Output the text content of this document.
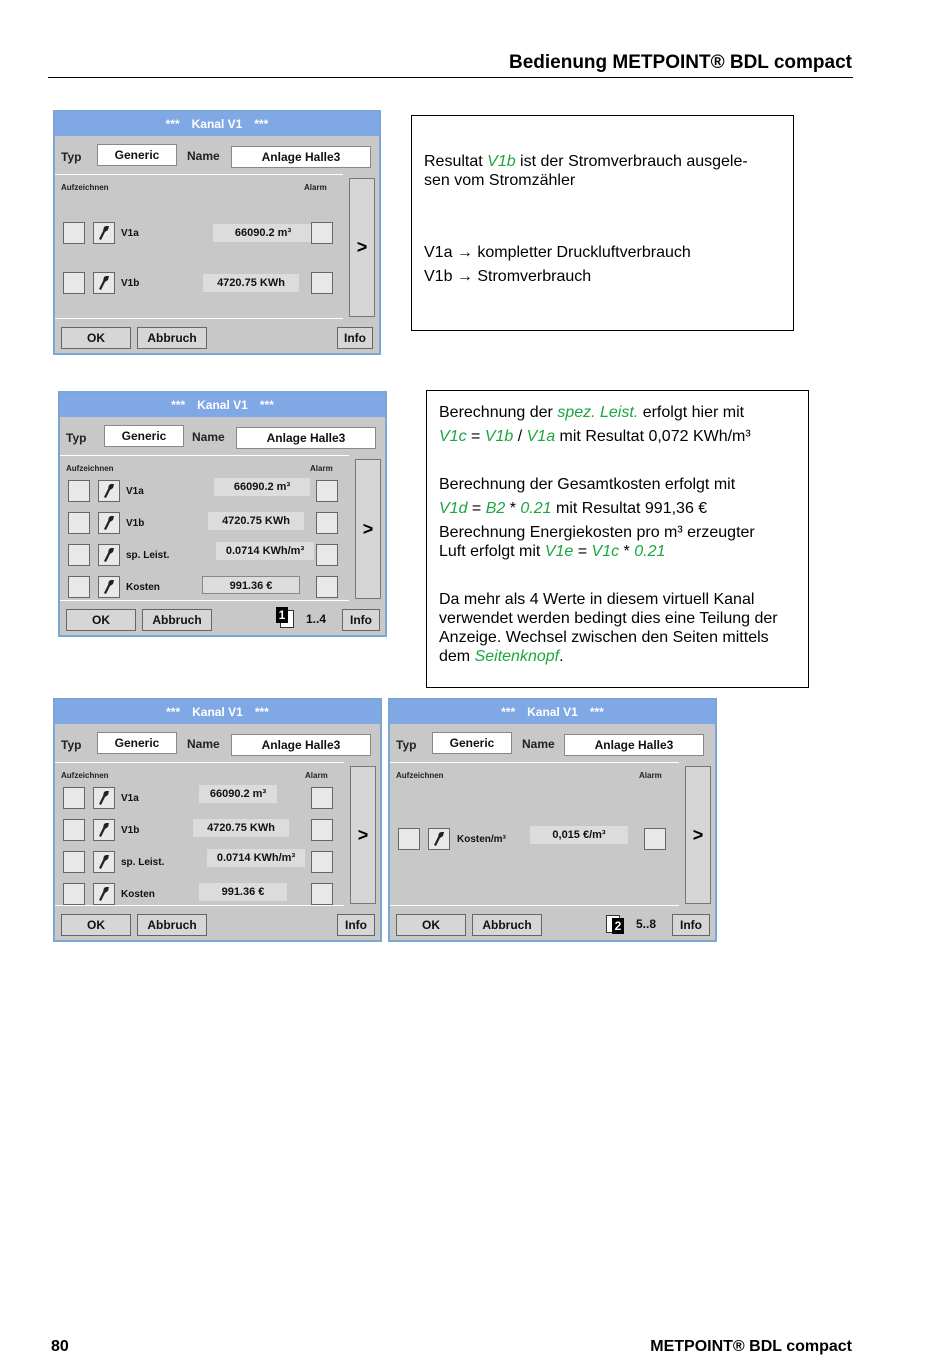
Bedienung METPOINT® BDL compact
*** Kanal V1 ***
Typ	Generic	Name	Anlage Halle3
Aufzeichnen	Alarm
>
V1a	66090.2 m³
V1b	4720.75 KWh
OK	Abbruch	Info

Resultat V1b ist der Stromverbrauch ausgele-

sen vom Stromzähler

V1a → kompletter Druckluftverbrauch

V1b → Stromverbrauch

*** Kanal V1 ***
Typ	Generic	Name	Anlage Halle3
Aufzeichnen	Alarm
>
V1a	66090.2 m³
V1b	4720.75 KWh
sp. Leist.	0.0714 KWh/m³
Kosten	991.36 €
OK	Abbruch	1 1..4	Info

Berechnung der spez. Leist. erfolgt hier mit

V1c = V1b / V1a mit Resultat 0,072 KWh/m³

Berechnung der Gesamtkosten erfolgt mit

V1d = B2 * 0.21 mit Resultat 991,36 €

Berechnung Energiekosten pro m³ erzeugter

Luft erfolgt mit V1e = V1c * 0.21

Da mehr als 4 Werte in diesem virtuell Kanal

verwendet werden bedingt dies eine Teilung der

Anzeige. Wechsel zwischen den Seiten mittels

dem Seitenknopf.

*** Kanal V1 ***
Typ	Generic	Name	Anlage Halle3
Aufzeichnen	Alarm
>
V1a	66090.2 m³
V1b	4720.75 KWh
sp. Leist.	0.0714 KWh/m³
Kosten	991.36 €
OK	Abbruch	Info
*** Kanal V1 ***
Typ	Generic	Name	Anlage Halle3
Aufzeichnen	Alarm
>
Kosten/m³	0,015 €/m³
OK	Abbruch	2 5..8	Info
80	METPOINT® BDL compact
